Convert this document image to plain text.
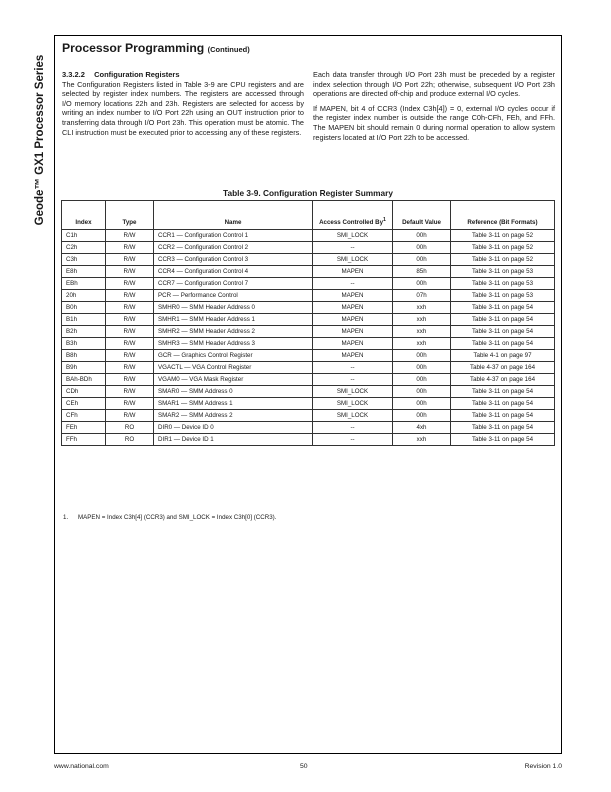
Geode™ GX1 Processor Series
Processor Programming (Continued)
3.3.2.2 Configuration Registers

The Configuration Registers listed in Table 3-9 are CPU registers and are selected by register index numbers. The registers are accessed through I/O memory locations 22h and 23h. Registers are selected for access by writing an index number to I/O Port 22h using an OUT instruction prior to transferring data through I/O Port 23h. This operation must be atomic. The CLI instruction must be executed prior to accessing any of these registers.

Each data transfer through I/O Port 23h must be preceded by a register index selection through I/O Port 22h; otherwise, subsequent I/O Port 23h operations are directed off-chip and produce external I/O cycles.

If MAPEN, bit 4 of CCR3 (Index C3h[4]) = 0, external I/O cycles occur if the register index number is outside the range C0h-CFh, FEh, and FFh. The MAPEN bit should remain 0 during normal operation to allow system registers located at I/O Port 22h to be accessed.

Table 3-9. Configuration Register Summary
Index	Type	Name	Access Controlled By$^1$	Default Value	Reference (Bit Formats)
C1h	R/W	CCR1 — Configuration Control 1	SMI_LOCK	00h	Table 3-11 on page 52
C2h	R/W	CCR2 — Configuration Control 2	--	00h	Table 3-11 on page 52
C3h	R/W	CCR3 — Configuration Control 3	SMI_LOCK	00h	Table 3-11 on page 52
E8h	R/W	CCR4 — Configuration Control 4	MAPEN	85h	Table 3-11 on page 53
EBh	R/W	CCR7 — Configuration Control 7	--	00h	Table 3-11 on page 53
20h	R/W	PCR — Performance Control	MAPEN	07h	Table 3-11 on page 53
B0h	R/W	SMHR0 — SMM Header Address 0	MAPEN	xxh	Table 3-11 on page 54
B1h	R/W	SMHR1 — SMM Header Address 1	MAPEN	xxh	Table 3-11 on page 54
B2h	R/W	SMHR2 — SMM Header Address 2	MAPEN	xxh	Table 3-11 on page 54
B3h	R/W	SMHR3 — SMM Header Address 3	MAPEN	xxh	Table 3-11 on page 54
B8h	R/W	GCR — Graphics Control Register	MAPEN	00h	Table 4-1 on page 97
B9h	R/W	VGACTL — VGA Control Register	--	00h	Table 4-37 on page 164
BAh-BDh	R/W	VGAM0 — VGA Mask Register	--	00h	Table 4-37 on page 164
CDh	R/W	SMAR0 — SMM Address 0	SMI_LOCK	00h	Table 3-11 on page 54
CEh	R/W	SMAR1 — SMM Address 1	SMI_LOCK	00h	Table 3-11 on page 54
CFh	R/W	SMAR2 — SMM Address 2	SMI_LOCK	00h	Table 3-11 on page 54
FEh	RO	DIR0 — Device ID 0	--	4xh	Table 3-11 on page 54
FFh	RO	DIR1 — Device ID 1	--	xxh	Table 3-11 on page 54
1. MAPEN = Index C3h[4] (CCR3) and SMI_LOCK = Index C3h[0] (CCR3).
www.national.com	50	Revision 1.0
